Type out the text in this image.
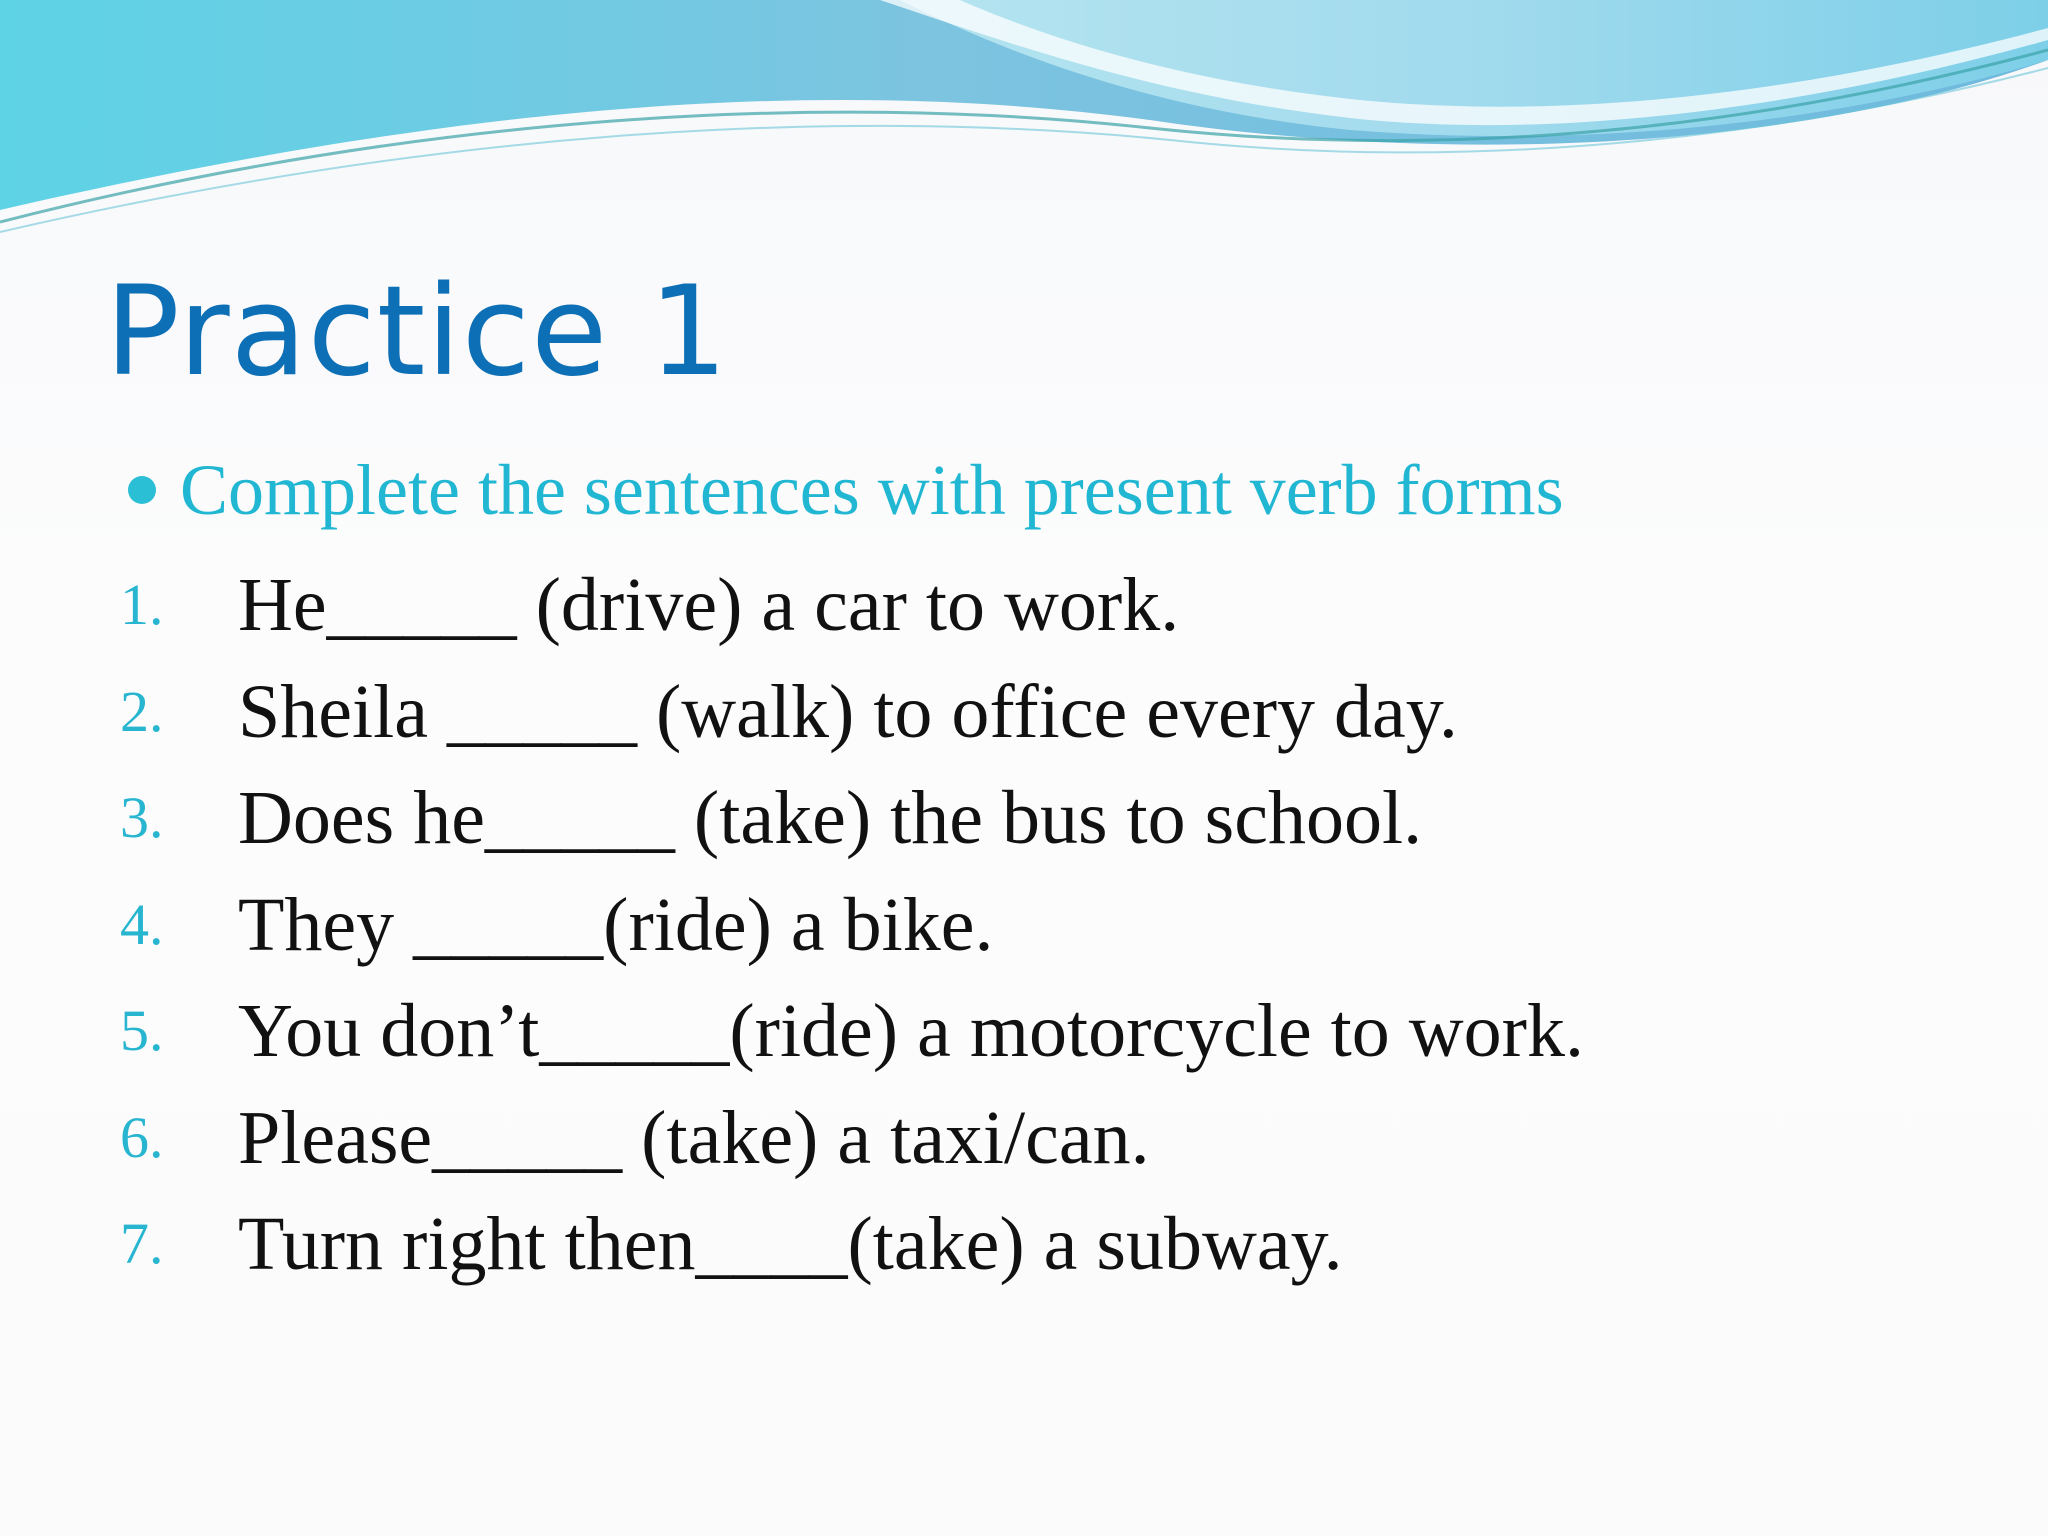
Practice 1
Complete the sentences with present verb forms
1. He_____ (drive) a car to work.
2. Sheila _____ (walk) to office every day.
3. Does he_____ (take) the bus to school.
4. They _____(ride) a bike.
5. You don’t_____(ride) a motorcycle to work.
6. Please_____ (take) a taxi/can.
7. Turn right then____(take) a subway.
